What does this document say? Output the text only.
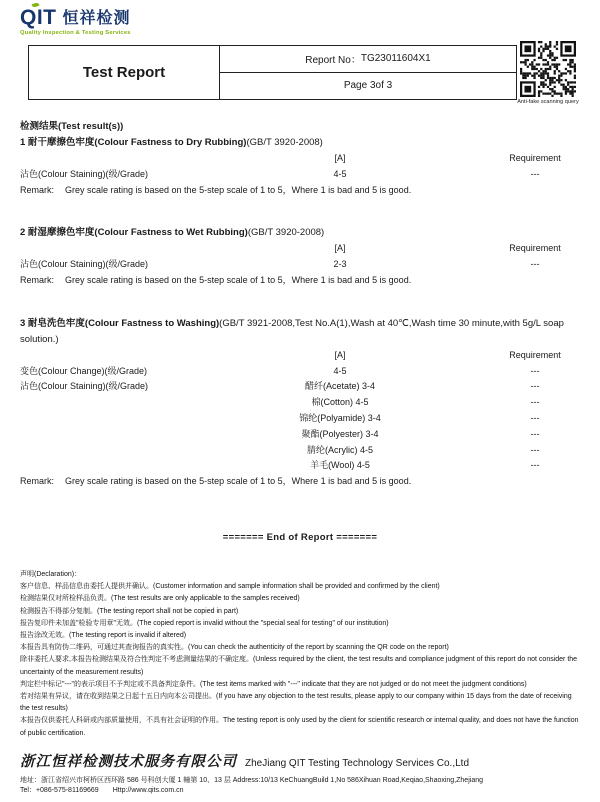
QIT 恒祥检测
Quality Inspection & Testing Services
Test Report
Report No： TG23011604X1
Page 3of 3
Anti-fake scanning query
检测结果(Test result(s))
1 耐干摩擦色牢度(Colour Fastness to Dry Rubbing)(GB/T 3920-2008)
[A]	Requirement
沾色(Colour Staining)(级/Grade)	4-5	---
Remark:	Grey scale rating is based on the 5-step scale of 1 to 5，Where 1 is bad and 5 is good.
2 耐湿摩擦色牢度(Colour Fastness to Wet Rubbing)(GB/T 3920-2008)
[A]	Requirement
沾色(Colour Staining)(级/Grade)	2-3	---
Remark:	Grey scale rating is based on the 5-step scale of 1 to 5，Where 1 is bad and 5 is good.
3 耐皂洗色牢度(Colour Fastness to Washing)(GB/T 3921-2008,Test No.A(1),Wash at 40℃,Wash time 30 minute,with 5g/L soap solution.)
[A]	Requirement
变色(Colour Change)(级/Grade)	4-5	---
沾色(Colour Staining)(级/Grade)	醋纤(Acetate) 3-4	---
棉(Cotton) 4-5	---
锦纶(Polyamide) 3-4	---
聚酯(Polyester) 3-4	---
腈纶(Acrylic) 4-5	---
羊毛(Wool) 4-5	---
Remark:	Grey scale rating is based on the 5-step scale of 1 to 5，Where 1 is bad and 5 is good.
======= End of Report =======
声明(Declaration)：
客户信息、样品信息由委托人提供并确认。(Customer information and sample information shall be provided and confirmed by the client)
检测结果仅对所检样品负责。(The test results are only applicable to the samples received)
检测报告不得部分复制。(The testing report shall not be copied in part)
报告复印件未加盖"检验专用章"无效。(The copied report is invalid without the "special seal for testing" of our institution)
报告涂改无效。(The testing report is invalid if altered)
本报告具有防伪二维码，可通过其查询报告的真实性。(You can check the authenticity of the report by scanning the QR code on the report)
除非委托人要求,本报告检测结果及符合性判定不考虑测量结果的不确定度。(Unless required by the client, the test results and compliance judgment of this report do not consider the uncertainty of the measurement results)
判定栏中标记"---"的表示项目不予判定或不具备判定条件。(The test items marked with "---" indicate that they are not judged or do not meet the judgment conditions)
若对结果有异议，请在收到结果之日起十五日内向本公司提出。(If you have any objection to the test results, please apply to our company within 15 days from the date of receiving the test results)
本报告仅供委托人科研或内部质量使用，不具有社会证明的作用。The testing report is only used by the client for scientific research or internal quality, and does not have the function of public certification.
浙江恒祥检测技术服务有限公司 ZheJiang QIT Testing Technology Services Co.,Ltd
地址：浙江省绍兴市柯桥区西环路 586 号科创大厦 1 幢第 10、13 层 Address:10/13 KeChuangBuild 1,No 586Xihuan Road,Keqiao,Shaoxing,Zhejiang
Tel：+086-575-81169669 Http://www.qits.com.cn
